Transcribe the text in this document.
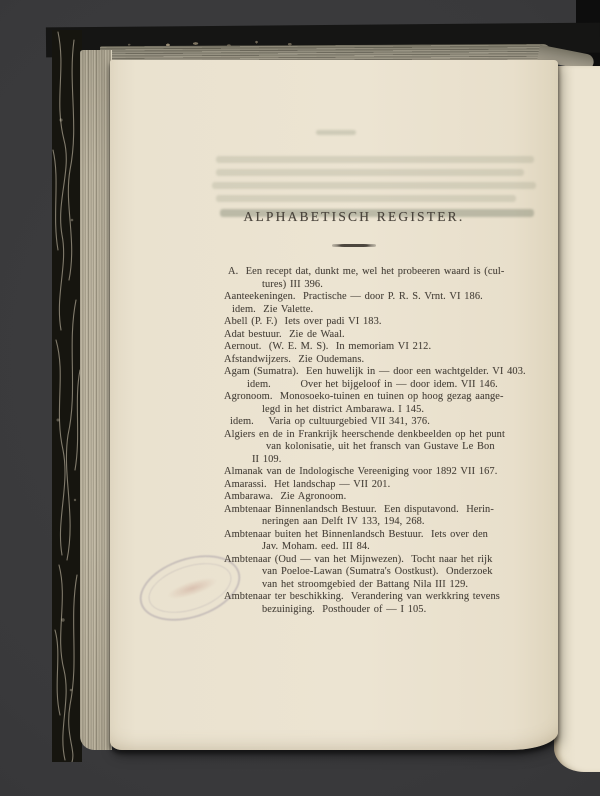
ALPHABETISCH REGISTER.
A.  Een recept dat, dunkt me, wel het probeeren waard is (cul-
tures) III 396.
Aanteekeningen.  Practische — door P. R. S. Vrnt. VI 186.
idem.  Zie Valette.
Abell (P. F.)  Iets over padi VI 183.
Adat bestuur.  Zie de Waal.
Aernout.  (W. E. M. S).  In memoriam VI 212.
Afstandwijzers.  Zie Oudemans.
Agam (Sumatra).  Een huwelijk in — door een wachtgelder. VI 403.
idem.        Over het bijgeloof in — door idem. VII 146.
Agronoom.  Monosoeko-tuinen en tuinen op hoog gezag aange-
legd in het district Ambarawa. I 145.
idem.    Varia op cultuurgebied VII 341, 376.
Algiers en de in Frankrijk heerschende denkbeelden op het punt
van kolonisatie, uit het fransch van Gustave Le Bon
II 109.
Almanak van de Indologische Vereeniging voor 1892 VII 167.
Amarassi.  Het landschap — VII 201.
Ambarawa.  Zie Agronoom.
Ambtenaar Binnenlandsch Bestuur.  Een disputavond.  Herin-
neringen aan Delft IV 133, 194, 268.
Ambtenaar buiten het Binnenlandsch Bestuur.  Iets over den
Jav. Moham. eed. III 84.
Ambtenaar (Oud — van het Mijnwezen).  Tocht naar het rijk
van Poeloe-Lawan (Sumatra's Oostkust).  Onderzoek
van het stroomgebied der Battang Nila III 129.
Ambtenaar ter beschikking.  Verandering van werkkring tevens
bezuiniging.  Posthouder of — I 105.
